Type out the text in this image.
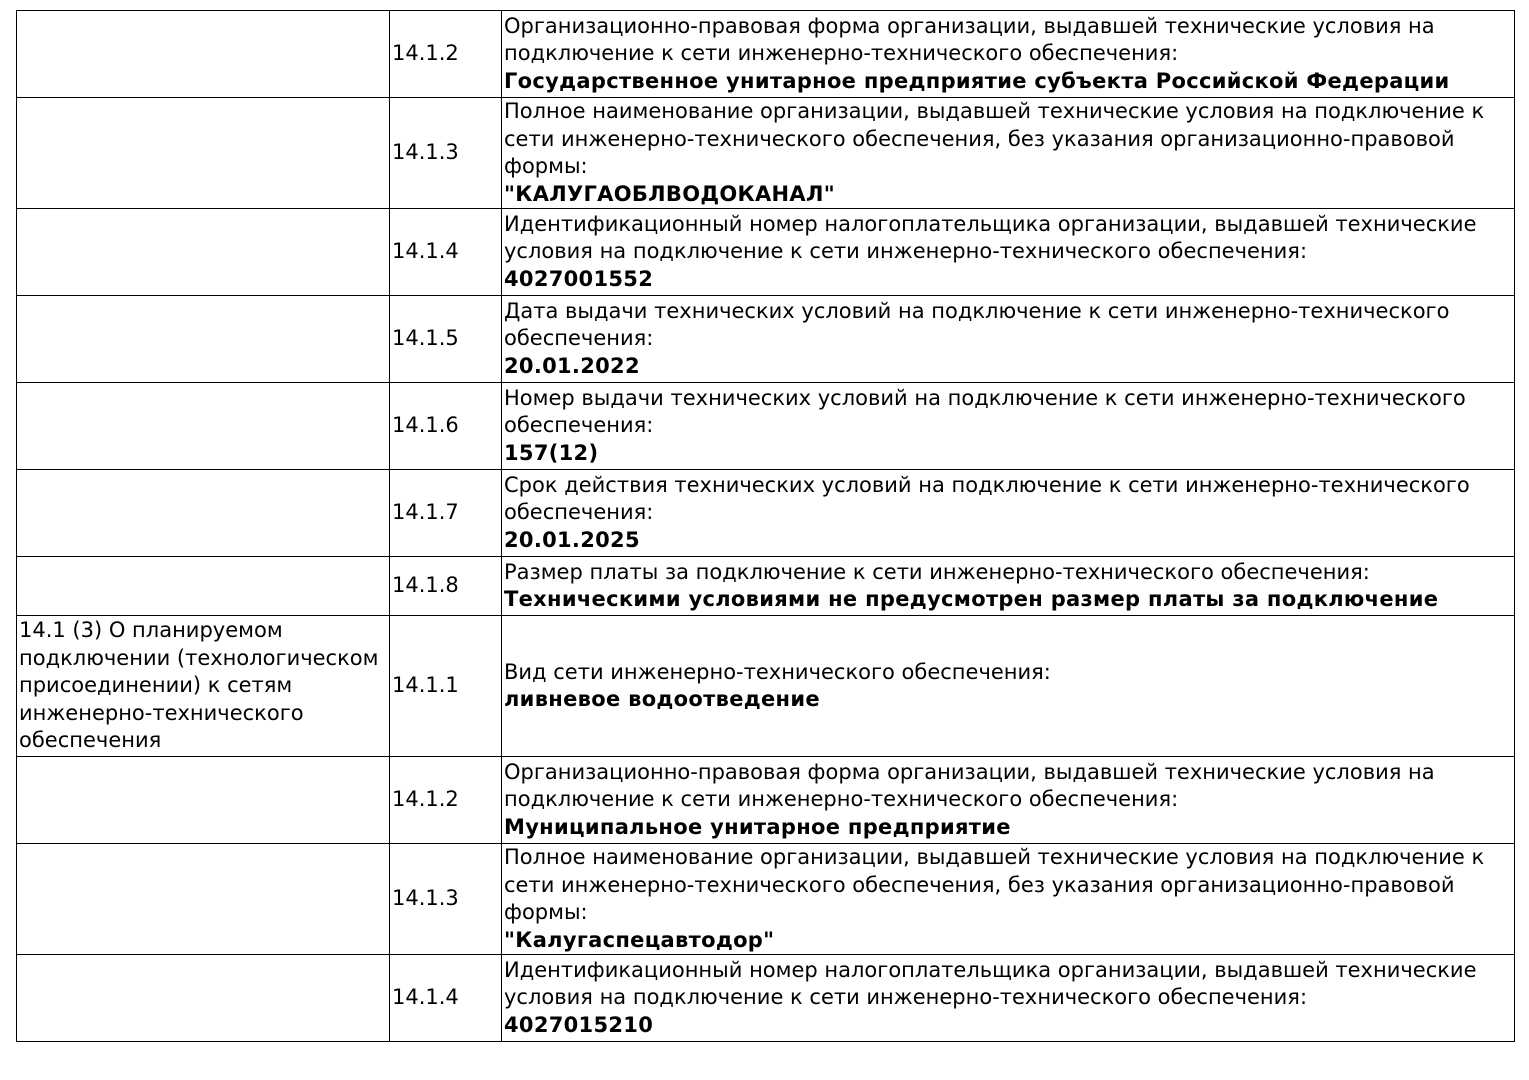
	14.1.2	Организационно-правовая форма организации, выдавшей технические условия на подключение к сети инженерно-технического обеспечения:
Государственное унитарное предприятие субъекта Российской Федерации

	14.1.3	Полное наименование организации, выдавшей технические условия на подключение к сети инженерно-технического обеспечения, без указания организационно-правовой формы:
"КАЛУГАОБЛВОДОКАНАЛ"

	14.1.4	Идентификационный номер налогоплательщика организации, выдавшей технические условия на подключение к сети инженерно-технического обеспечения:
4027001552

	14.1.5	Дата выдачи технических условий на подключение к сети инженерно-технического обеспечения:
20.01.2022

	14.1.6	Номер выдачи технических условий на подключение к сети инженерно-технического обеспечения:
157(12)

	14.1.7	Срок действия технических условий на подключение к сети инженерно-технического обеспечения:
20.01.2025

	14.1.8	Размер платы за подключение к сети инженерно-технического обеспечения:
Техническими условиями не предусмотрен размер платы за подключение

14.1 (3) О планируемом подключении (технологическом присоединении) к сетям инженерно-технического обеспечения	14.1.1	Вид сети инженерно-технического обеспечения:
ливневое водоотведение

	14.1.2	Организационно-правовая форма организации, выдавшей технические условия на подключение к сети инженерно-технического обеспечения:
Муниципальное унитарное предприятие

	14.1.3	Полное наименование организации, выдавшей технические условия на подключение к сети инженерно-технического обеспечения, без указания организационно-правовой формы:
"Калугаспецавтодор"

	14.1.4	Идентификационный номер налогоплательщика организации, выдавшей технические условия на подключение к сети инженерно-технического обеспечения:
4027015210
